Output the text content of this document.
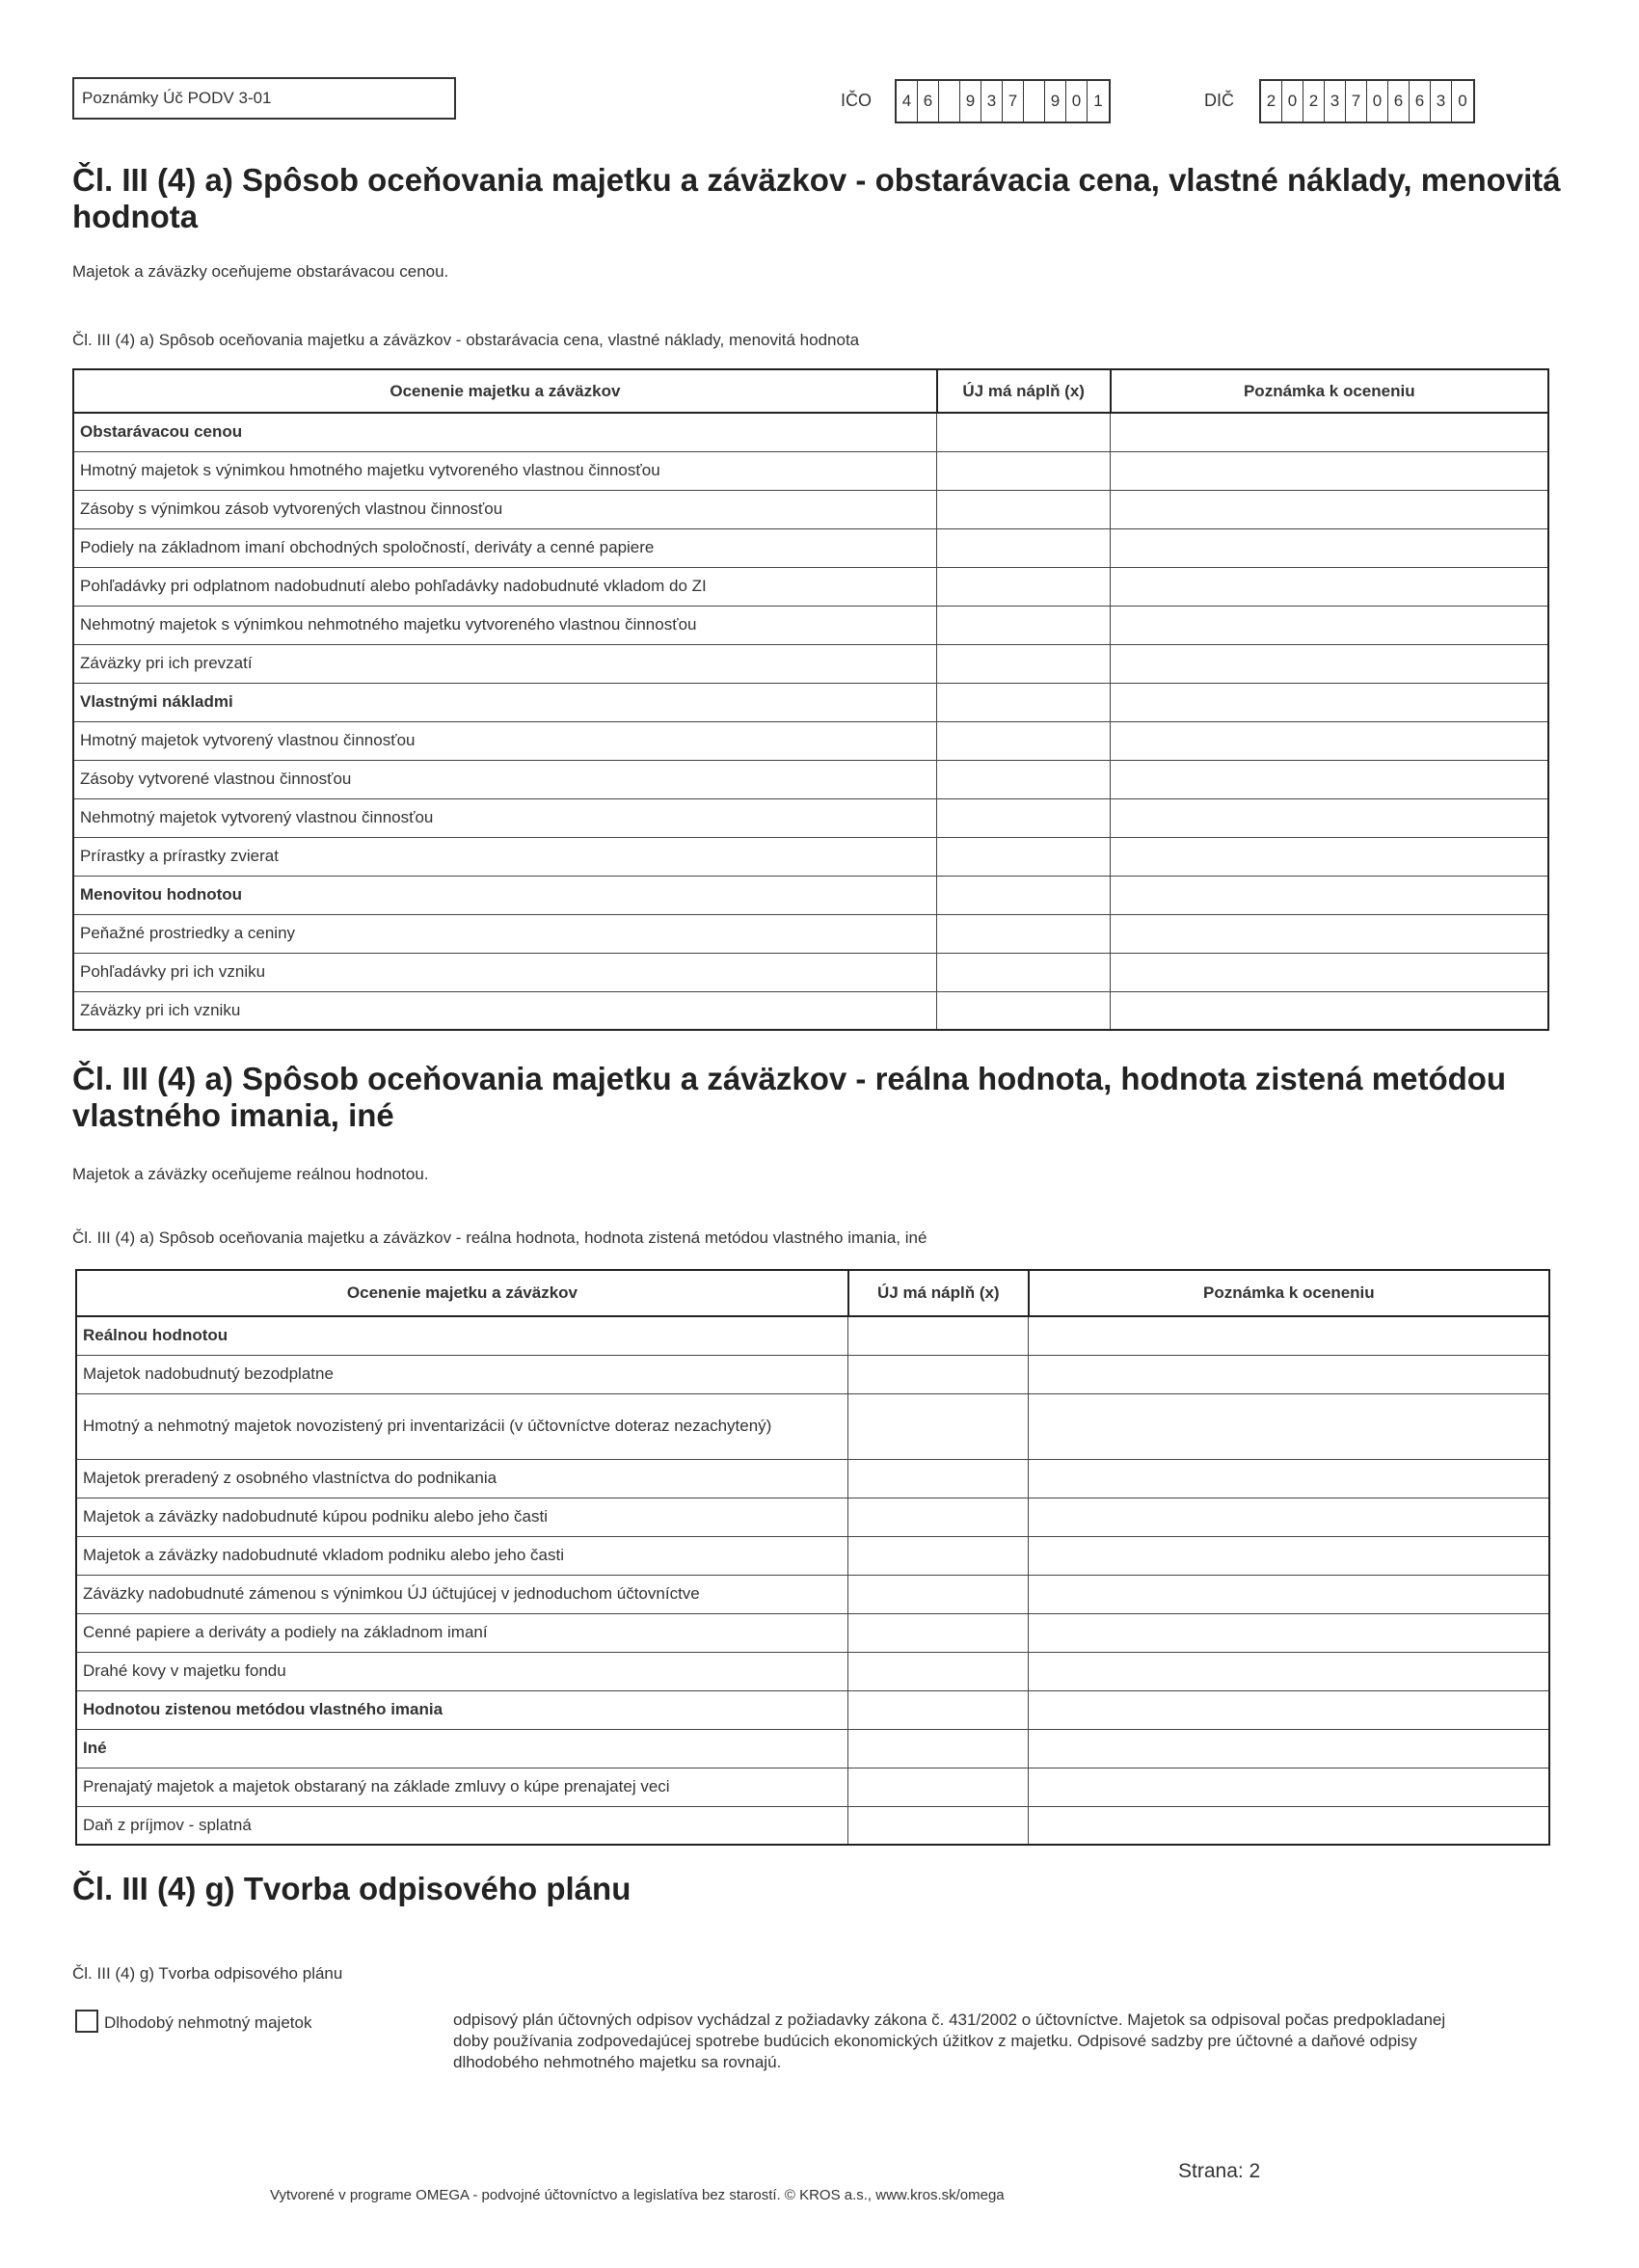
Poznámky Úč PODV 3-01	IČO	4 6	9 3 7	9 0 1	DIČ	2 0 2 3 7 0 6 6 3 0
Čl. III (4) a) Spôsob oceňovania majetku a záväzkov - obstarávacia cena, vlastné náklady, menovitá hodnota
Majetok a záväzky oceňujeme obstarávacou cenou.
Čl. III (4) a) Spôsob oceňovania majetku a záväzkov - obstarávacia cena, vlastné náklady, menovitá hodnota
Ocenenie majetku a záväzkov	ÚJ má náplň (x)	Poznámka k oceneniu
Obstarávacou cenou		
Hmotný majetok s výnimkou hmotného majetku vytvoreného vlastnou činnosťou		
Zásoby s výnimkou zásob vytvorených vlastnou činnosťou		
Podiely na základnom imaní obchodných spoločností, deriváty a cenné papiere		
Pohľadávky pri odplatnom nadobudnutí alebo pohľadávky nadobudnuté vkladom do ZI		
Nehmotný majetok s výnimkou nehmotného majetku vytvoreného vlastnou činnosťou		
Záväzky pri ich prevzatí		
Vlastnými nákladmi		
Hmotný majetok vytvorený vlastnou činnosťou		
Zásoby vytvorené vlastnou činnosťou		
Nehmotný majetok vytvorený vlastnou činnosťou		
Prírastky a prírastky zvierat		
Menovitou hodnotou		
Peňažné prostriedky a ceniny		
Pohľadávky pri ich vzniku		
Záväzky pri ich vzniku		
Čl. III (4) a) Spôsob oceňovania majetku a záväzkov - reálna hodnota, hodnota zistená metódou vlastného imania, iné
Majetok a záväzky oceňujeme reálnou hodnotou.
Čl. III (4) a) Spôsob oceňovania majetku a záväzkov - reálna hodnota, hodnota zistená metódou vlastného imania, iné
Ocenenie majetku a záväzkov	ÚJ má náplň (x)	Poznámka k oceneniu
Reálnou hodnotou		
Majetok nadobudnutý bezodplatne		
Hmotný a nehmotný majetok novozistený pri inventarizácii (v účtovníctve doteraz nezachytený)		
Majetok preradený z osobného vlastníctva do podnikania		
Majetok a záväzky nadobudnuté kúpou podniku alebo jeho časti		
Majetok a záväzky nadobudnuté vkladom podniku alebo jeho časti		
Záväzky nadobudnuté zámenou s výnimkou ÚJ účtujúcej v jednoduchom účtovníctve		
Cenné papiere a deriváty a podiely na základnom imaní		
Drahé kovy v majetku fondu		
Hodnotou zistenou metódou vlastného imania		
Iné		
Prenajatý majetok a majetok obstaraný na základe zmluvy o kúpe prenajatej veci		
Daň z príjmov - splatná		
Čl. III (4) g) Tvorba odpisového plánu
Čl. III (4) g) Tvorba odpisového plánu
Dlhodobý nehmotný majetok	odpisový plán účtovných odpisov vychádzal z požiadavky zákona č. 431/2002 o účtovníctve. Majetok sa odpisoval počas predpokladanej doby používania zodpovedajúcej spotrebe budúcich ekonomických úžitkov z majetku. Odpisové sadzby pre účtovné a daňové odpisy dlhodobého nehmotného majetku sa rovnajú.
Vytvorené v programe OMEGA - podvojné účtovníctvo a legislatíva bez starostí. © KROS a.s., www.kros.sk/omega
Strana: 2
